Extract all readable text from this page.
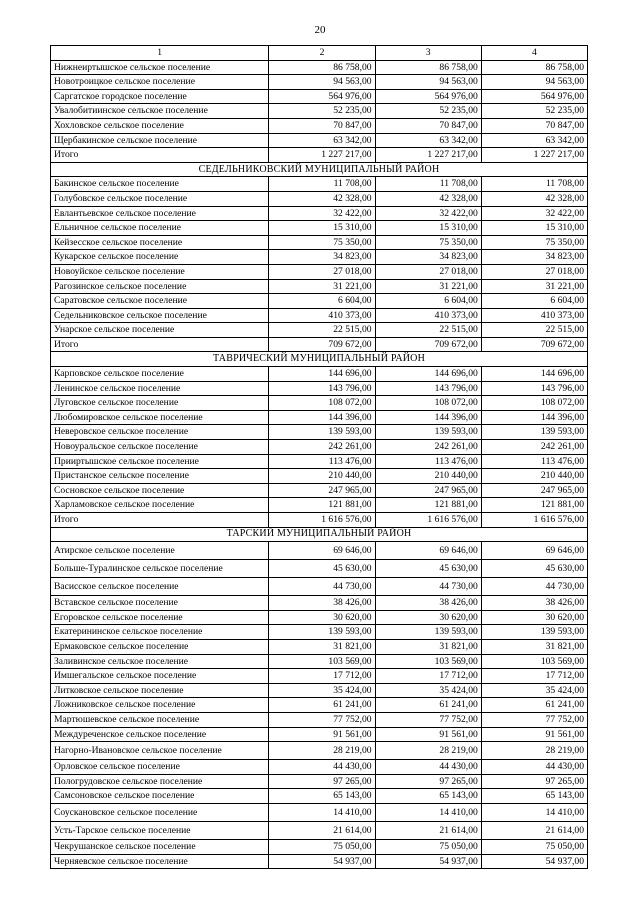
20
1	2	3	4
Нижнеиртышское сельское поселение	86 758,00	86 758,00	86 758,00
Новотроицкое сельское поселение	94 563,00	94 563,00	94 563,00
Саргатское городское поселение	564 976,00	564 976,00	564 976,00
Увалобитиинское сельское поселение	52 235,00	52 235,00	52 235,00
Хохловское сельское поселение	70 847,00	70 847,00	70 847,00
Щербакинское сельское поселение	63 342,00	63 342,00	63 342,00
Итого	1 227 217,00	1 227 217,00	1 227 217,00
СЕДЕЛЬНИКОВСКИЙ МУНИЦИПАЛЬНЫЙ РАЙОН			
Бакинское сельское поселение	11 708,00	11 708,00	11 708,00
Голубовское сельское поселение	42 328,00	42 328,00	42 328,00
Евлантьевское сельское поселение	32 422,00	32 422,00	32 422,00
Ельничное сельское поселение	15 310,00	15 310,00	15 310,00
Кейзесское сельское поселение	75 350,00	75 350,00	75 350,00
Кукарское сельское поселение	34 823,00	34 823,00	34 823,00
Новоуйское сельское поселение	27 018,00	27 018,00	27 018,00
Рагозинское сельское поселение	31 221,00	31 221,00	31 221,00
Саратовское сельское поселение	6 604,00	6 604,00	6 604,00
Седельниковское сельское поселение	410 373,00	410 373,00	410 373,00
Унарское сельское поселение	22 515,00	22 515,00	22 515,00
Итого	709 672,00	709 672,00	709 672,00
ТАВРИЧЕСКИЙ МУНИЦИПАЛЬНЫЙ РАЙОН			
Карповское сельское поселение	144 696,00	144 696,00	144 696,00
Ленинское сельское поселение	143 796,00	143 796,00	143 796,00
Луговское сельское поселение	108 072,00	108 072,00	108 072,00
Любомировское сельское поселение	144 396,00	144 396,00	144 396,00
Неверовское сельское поселение	139 593,00	139 593,00	139 593,00
Новоуральское сельское поселение	242 261,00	242 261,00	242 261,00
Прииртышское сельское поселение	113 476,00	113 476,00	113 476,00
Пристанское сельское поселение	210 440,00	210 440,00	210 440,00
Сосновское сельское поселение	247 965,00	247 965,00	247 965,00
Харламовское сельское поселение	121 881,00	121 881,00	121 881,00
Итого	1 616 576,00	1 616 576,00	1 616 576,00
ТАРСКИЙ МУНИЦИПАЛЬНЫЙ РАЙОН			
Атирское сельское поселение	69 646,00	69 646,00	69 646,00
Больше-Туралинское сельское поселение	45 630,00	45 630,00	45 630,00
Васисское сельское поселение	44 730,00	44 730,00	44 730,00
Вставское сельское поселение	38 426,00	38 426,00	38 426,00
Егоровское сельское поселение	30 620,00	30 620,00	30 620,00
Екатерининское сельское поселение	139 593,00	139 593,00	139 593,00
Ермаковское сельское поселение	31 821,00	31 821,00	31 821,00
Заливинское сельское поселение	103 569,00	103 569,00	103 569,00
Имшегальское сельское поселение	17 712,00	17 712,00	17 712,00
Литковское сельское поселение	35 424,00	35 424,00	35 424,00
Ложниковское сельское поселение	61 241,00	61 241,00	61 241,00
Мартюшевское сельское поселение	77 752,00	77 752,00	77 752,00
Междуреченское сельское поселение	91 561,00	91 561,00	91 561,00
Нагорно-Ивановское сельское поселение	28 219,00	28 219,00	28 219,00
Орловское сельское поселение	44 430,00	44 430,00	44 430,00
Пологрудовское сельское поселение	97 265,00	97 265,00	97 265,00
Самсоновское сельское поселение	65 143,00	65 143,00	65 143,00
Соускановское сельское поселение	14 410,00	14 410,00	14 410,00
Усть-Тарское сельское поселение	21 614,00	21 614,00	21 614,00
Чекрушанское сельское поселение	75 050,00	75 050,00	75 050,00
Черняевское сельское поселение	54 937,00	54 937,00	54 937,00
